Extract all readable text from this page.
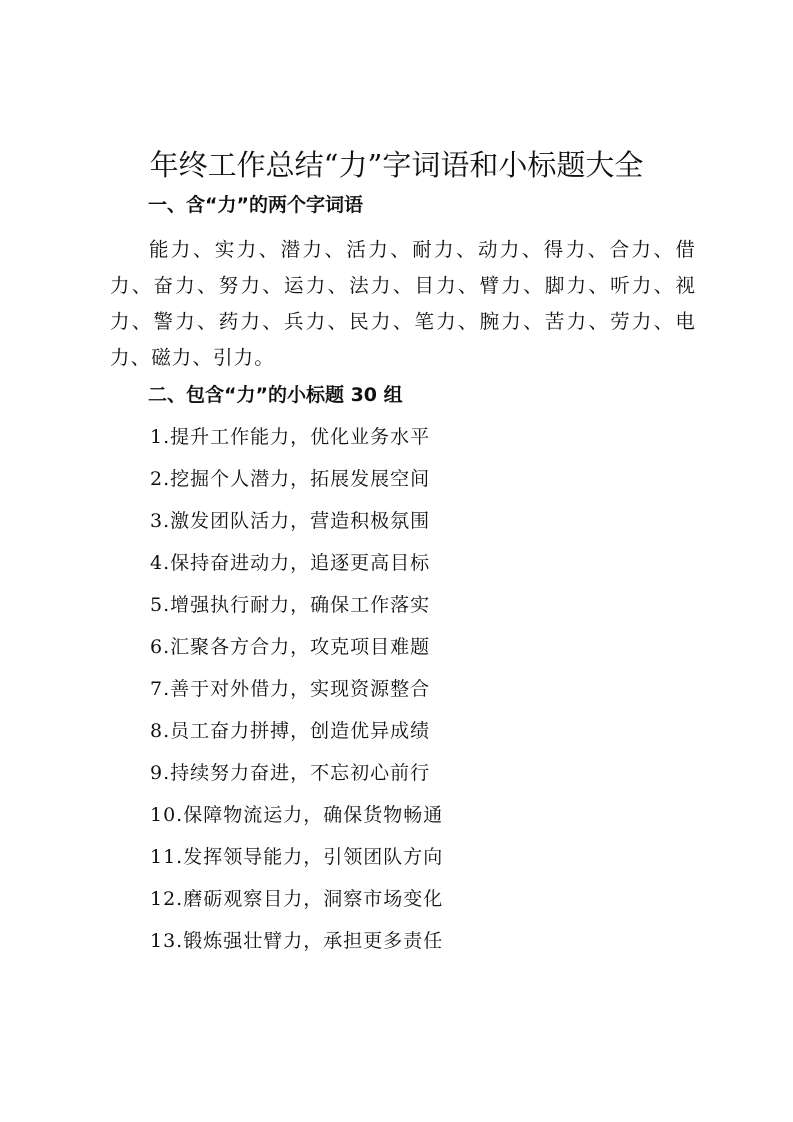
年终工作总结“力”字词语和小标题大全
一、含“力”的两个字词语

能力、实力、潜力、活力、耐力、动力、得力、合力、借力、奋力、努力、运力、法力、目力、臂力、脚力、听力、视力、警力、药力、兵力、民力、笔力、腕力、苦力、劳力、电力、磁力、引力。

二、包含“力”的小标题 30 组
1.提升工作能力，优化业务水平
2.挖掘个人潜力，拓展发展空间
3.激发团队活力，营造积极氛围
4.保持奋进动力，追逐更高目标
5.增强执行耐力，确保工作落实
6.汇聚各方合力，攻克项目难题
7.善于对外借力，实现资源整合
8.员工奋力拼搏，创造优异成绩
9.持续努力奋进，不忘初心前行
10.保障物流运力，确保货物畅通
11.发挥领导能力，引领团队方向
12.磨砺观察目力，洞察市场变化
13.锻炼强壮臂力，承担更多责任
